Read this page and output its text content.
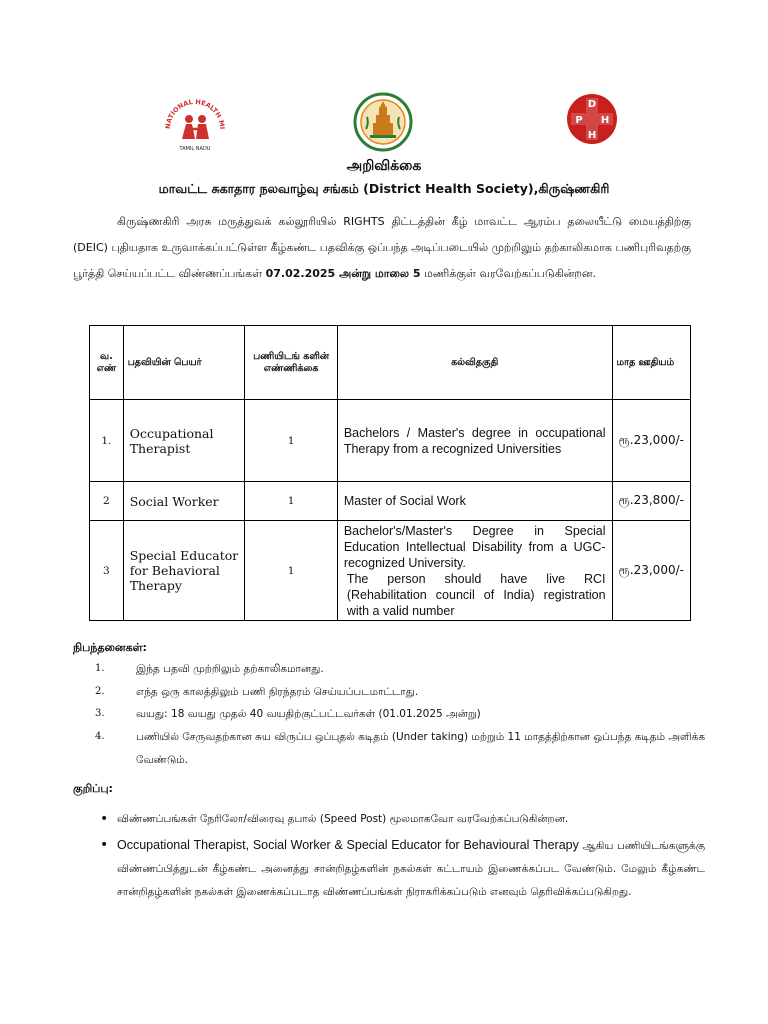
NATIONAL HEALTH MI
TAMIL NADU
D
P H
H
அறிவிக்கை
மாவட்ட சுகாதார நலவாழ்வு சங்கம் (District Health Society),கிருஷ்ணகிரி
கிருஷ்ணகிரி அரசு மருத்துவக் கல்லூரியில் RIGHTS திட்டத்தின் கீழ் மாவட்ட ஆரம்ப தலையீட்டு மையத்திற்கு (DEIC) புதியதாக உருவாக்கப்பட்டுள்ள கீழ்கண்ட பதவிக்கு ஒப்பந்த அடிப்படையில் முற்றிலும் தற்காலிகமாக பணிபுரிவதற்கு பூர்த்தி செய்யப்பட்ட விண்ணப்பங்கள் 07.02.2025 அன்று மாலை 5 மணிக்குள் வரவேற்கப்படுகின்றன.
வ. எண்	பதவியின் பெயர்	பணியிடங் களின் எண்ணிக்கை	கல்விதகுதி	மாத ஊதியம்
1.	Occupational Therapist	1	Bachelors / Master's degree in occupational Therapy from a recognized Universities	ரூ.23,000/-
2	Social Worker	1	Master of Social Work	ரூ.23,800/-
3	Special Educator for Behavioral Therapy	1	Bachelor's/Master's Degree in Special Education Intellectual Disability from a UGC- recognized University.
The person should have live RCI (Rehabilitation council of India) registration with a valid number	ரூ.23,000/-
நிபந்தனைகள்:
1.	இந்த பதவி முற்றிலும் தற்காலிகமானது.
2.	எந்த ஒரு காலத்திலும் பணி நிரந்தரம் செய்யப்படமாட்டாது.
3.	வயது: 18 வயது முதல் 40 வயதிற்குட்பட்டவர்கள் (01.01.2025 அன்று)
4.	பணியில் சேருவதற்கான சுய விருப்ப ஒப்புதல் கடிதம் (Under taking) மற்றும் 11 மாதத்திற்கான ஒப்பந்த கடிதம் அளிக்க வேண்டும்.
குறிப்பு:
• விண்ணப்பங்கள் நேரிலோ/விரைவு தபால் (Speed Post) மூலமாகவோ வரவேற்கப்படுகின்றன.
• Occupational Therapist, Social Worker & Special Educator for Behavioural Therapy ஆகிய பணியிடங்களுக்கு விண்ணப்பித்துடன் கீழ்கண்ட அனைத்து சான்றிதழ்களின் நகல்கள் கட்டாயம் இணைக்கப்பட வேண்டும். மேலும் கீழ்கண்ட சான்றிதழ்களின் நகல்கள் இணைக்கப்படாத விண்ணப்பங்கள் நிராகரிக்கப்படும் எனவும் தெரிவிக்கப்படுகிறது.
